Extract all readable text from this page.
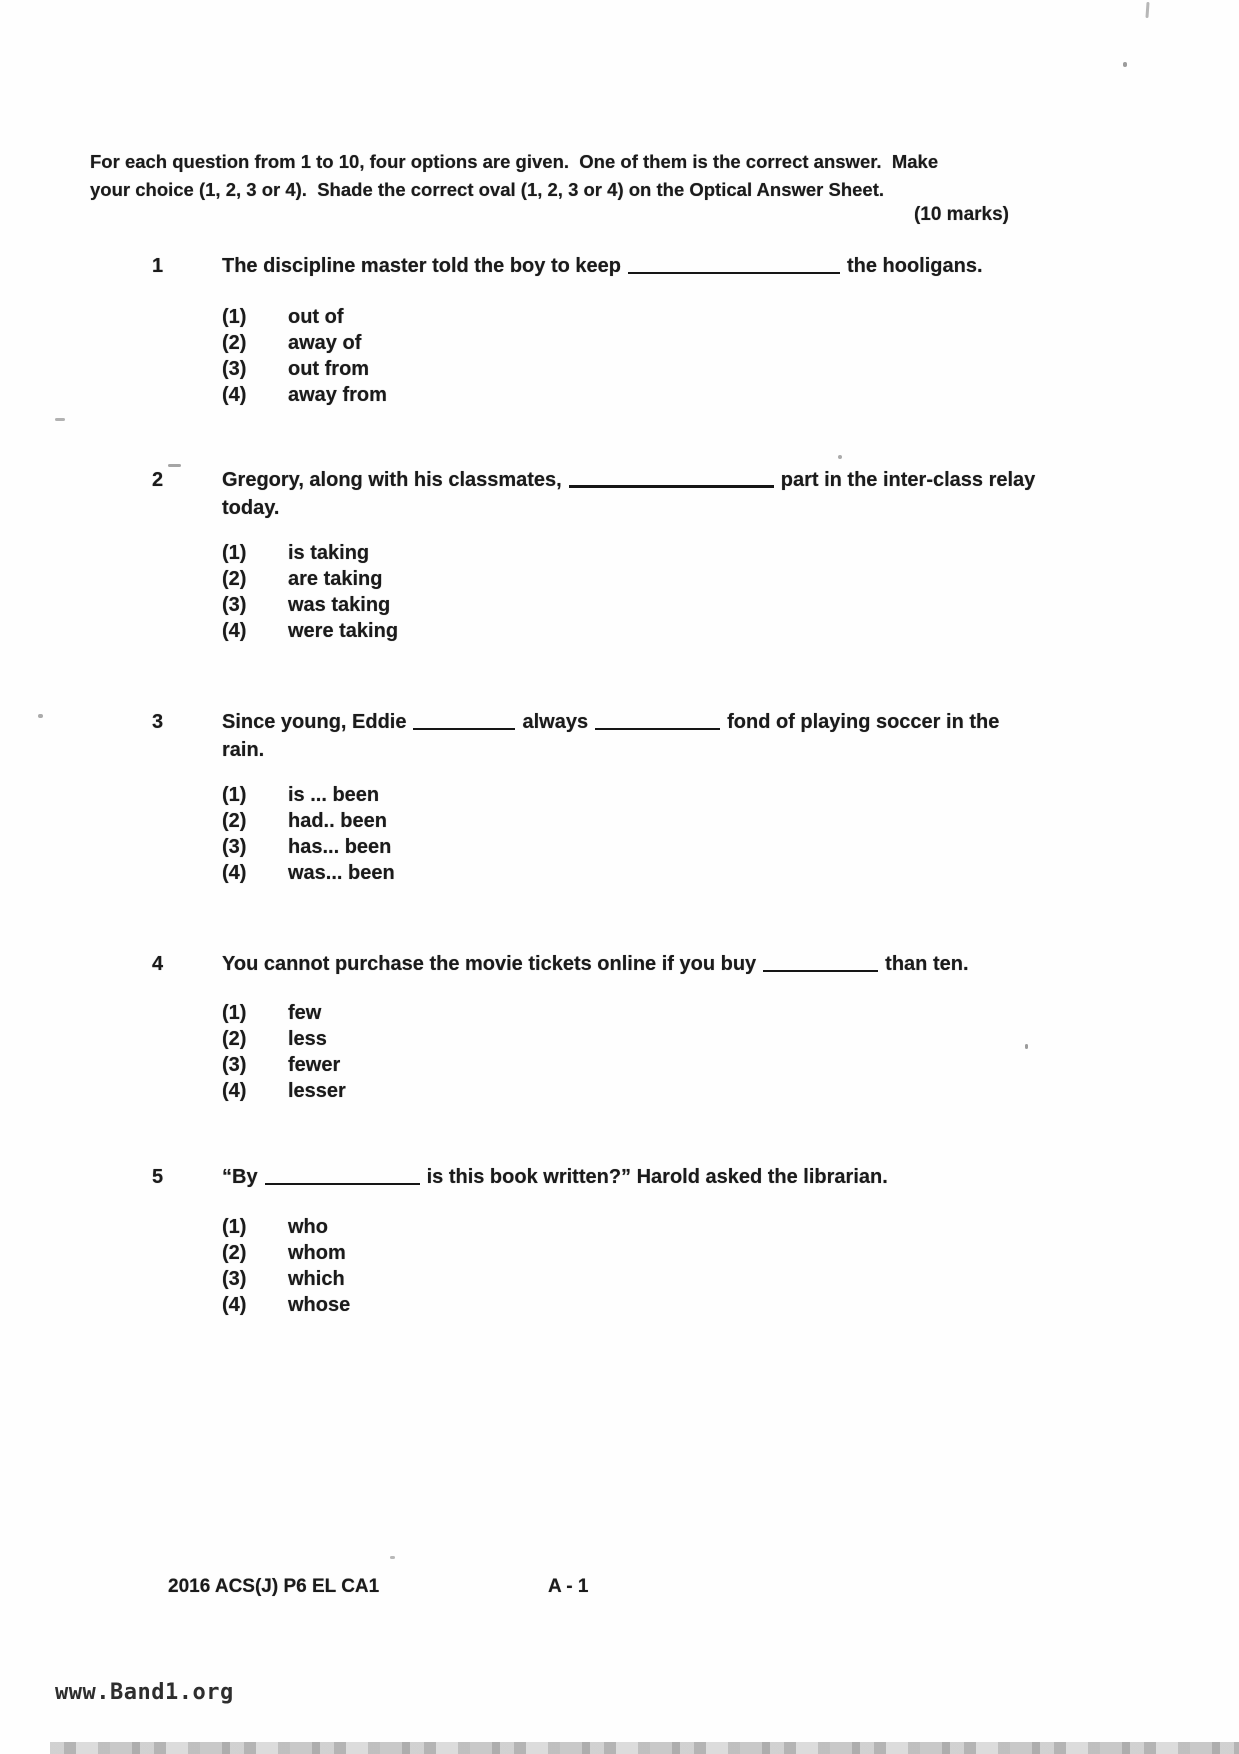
For each question from 1 to 10, four options are given.  One of them is the correct answer.  Make
your choice (1, 2, 3 or 4).  Shade the correct oval (1, 2, 3 or 4) on the Optical Answer Sheet.
(10 marks)
1	The discipline master told the boy to keep	the hooligans.
(1)	out of
(2)	away of
(3)	out from
(4)	away from
2	Gregory, along with his classmates,	part in the inter-class relay
today.
(1)	is taking
(2)	are taking
(3)	was taking
(4)	were taking
3	Since young, Eddie	always	fond of playing soccer in the
rain.
(1)	is ... been
(2)	had.. been
(3)	has... been
(4)	was... been
4	You cannot purchase the movie tickets online if you buy	than ten.
(1)	few
(2)	less
(3)	fewer
(4)	lesser
5	“By	is this book written?” Harold asked the librarian.
(1)	who
(2)	whom
(3)	which
(4)	whose
2016 ACS(J) P6 EL CA1	A - 1
www.Band1.org
